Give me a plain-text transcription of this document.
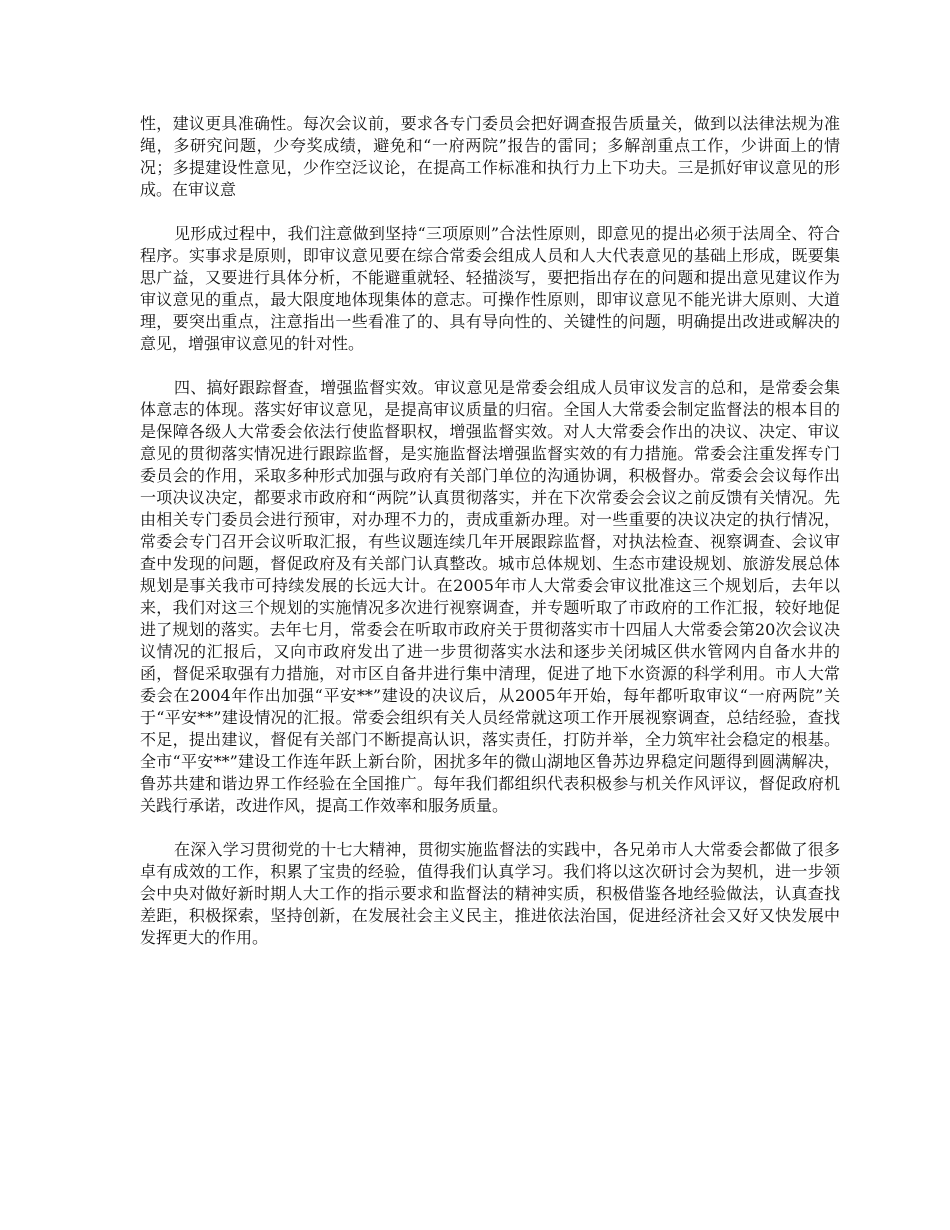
性，建议更具准确性。每次会议前，要求各专门委员会把好调查报告质量关，做到以法律法规为准绳，多研究问题，少夸奖成绩，避免和“一府两院”报告的雷同；多解剖重点工作，少讲面上的情况；多提建设性意见，少作空泛议论，在提高工作标准和执行力上下功夫。三是抓好审议意见的形成。在审议意

见形成过程中，我们注意做到坚持“三项原则”合法性原则，即意见的提出必须于法周全、符合程序。实事求是原则，即审议意见要在综合常委会组成人员和人大代表意见的基础上形成，既要集思广益，又要进行具体分析，不能避重就轻、轻描淡写，要把指出存在的问题和提出意见建议作为审议意见的重点，最大限度地体现集体的意志。可操作性原则，即审议意见不能光讲大原则、大道理，要突出重点，注意指出一些看准了的、具有导向性的、关键性的问题，明确提出改进或解决的意见，增强审议意见的针对性。

四、搞好跟踪督查，增强监督实效。审议意见是常委会组成人员审议发言的总和，是常委会集体意志的体现。落实好审议意见，是提高审议质量的归宿。全国人大常委会制定监督法的根本目的是保障各级人大常委会依法行使监督职权，增强监督实效。对人大常委会作出的决议、决定、审议意见的贯彻落实情况进行跟踪监督，是实施监督法增强监督实效的有力措施。常委会注重发挥专门委员会的作用，采取多种形式加强与政府有关部门单位的沟通协调，积极督办。常委会会议每作出一项决议决定，都要求市政府和“两院”认真贯彻落实，并在下次常委会会议之前反馈有关情况。先由相关专门委员会进行预审，对办理不力的，责成重新办理。对一些重要的决议决定的执行情况，常委会专门召开会议听取汇报，有些议题连续几年开展跟踪监督，对执法检查、视察调查、会议审查中发现的问题，督促政府及有关部门认真整改。城市总体规划、生态市建设规划、旅游发展总体规划是事关我市可持续发展的长远大计。在2005年市人大常委会审议批准这三个规划后，去年以来，我们对这三个规划的实施情况多次进行视察调查，并专题听取了市政府的工作汇报，较好地促进了规划的落实。去年七月，常委会在听取市政府关于贯彻落实市十四届人大常委会第20次会议决议情况的汇报后，又向市政府发出了进一步贯彻落实水法和逐步关闭城区供水管网内自备水井的函，督促采取强有力措施，对市区自备井进行集中清理，促进了地下水资源的科学利用。市人大常委会在2004年作出加强“平安**”建设的决议后，从2005年开始，每年都听取审议“一府两院”关于“平安**”建设情况的汇报。常委会组织有关人员经常就这项工作开展视察调查，总结经验，查找不足，提出建议，督促有关部门不断提高认识，落实责任，打防并举，全力筑牢社会稳定的根基。全市“平安**”建设工作连年跃上新台阶，困扰多年的微山湖地区鲁苏边界稳定问题得到圆满解决，鲁苏共建和谐边界工作经验在全国推广。每年我们都组织代表积极参与机关作风评议，督促政府机关践行承诺，改进作风，提高工作效率和服务质量。

在深入学习贯彻党的十七大精神，贯彻实施监督法的实践中，各兄弟市人大常委会都做了很多卓有成效的工作，积累了宝贵的经验，值得我们认真学习。我们将以这次研讨会为契机，进一步领会中央对做好新时期人大工作的指示要求和监督法的精神实质，积极借鉴各地经验做法，认真查找差距，积极探索，坚持创新，在发展社会主义民主，推进依法治国，促进经济社会又好又快发展中发挥更大的作用。
